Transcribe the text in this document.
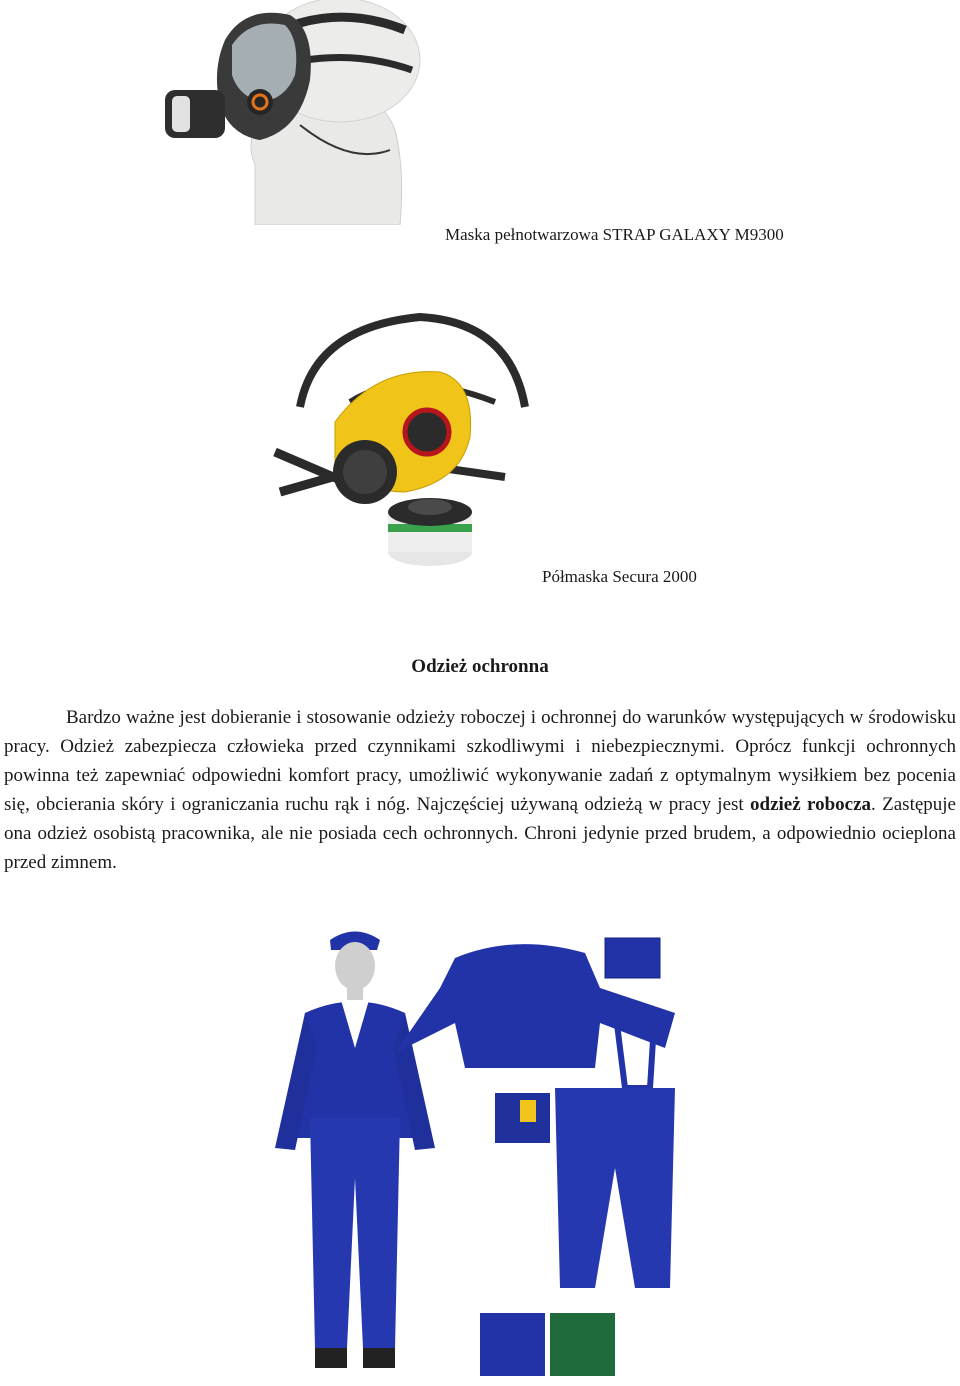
Maska pełnotwarzowa STRAP GALAXY M9300
Półmaska Secura 2000
Odzież ochronna

Bardzo ważne jest dobieranie i stosowanie odzieży roboczej i ochronnej do warunków występujących w środowisku pracy. Odzież zabezpiecza człowieka przed czynnikami szkodliwymi i niebezpiecznymi. Oprócz funkcji ochronnych powinna też zapewniać odpowiedni komfort pracy, umożliwić wykonywanie zadań z optymalnym wysiłkiem bez pocenia się, obcierania skóry i ograniczania ruchu rąk i nóg. Najczęściej używaną odzieżą w pracy jest odzież robocza. Zastępuje ona odzież osobistą pracownika, ale nie posiada cech ochronnych. Chroni jedynie przed brudem, a odpowiednio ocieplona przed zimnem.
